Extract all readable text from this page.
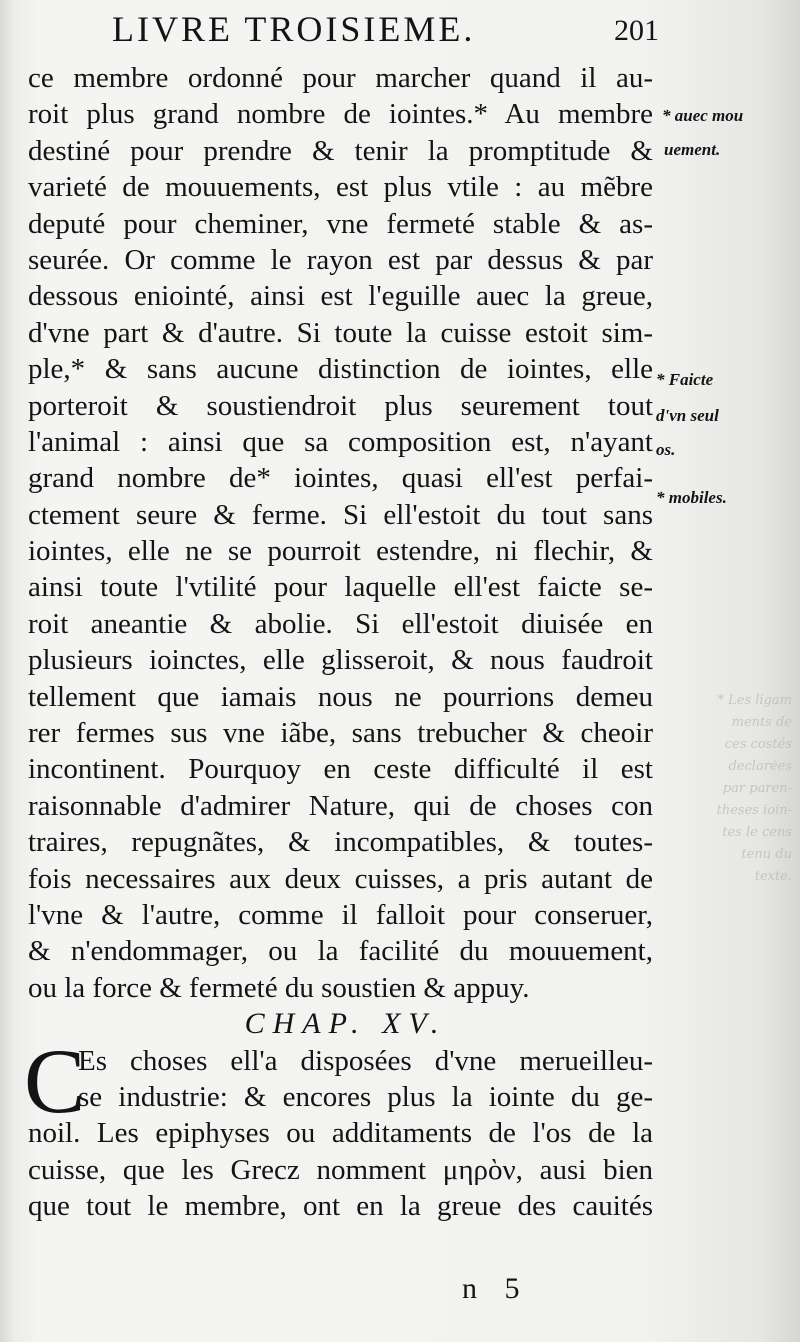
* Les ligam
ments de
ces costés
declarées
par paren-
theses ioin-
tes le cens
tenu du
texte.
LIVRE TROISIEME.	201
ce membre ordonné pour marcher quand il au-
roit plus grand nombre de iointes.* Au membre
destiné pour prendre & tenir la promptitude &
varieté de mouuements, est plus vtile : au mẽbre
deputé pour cheminer, vne fermeté stable & as-
seurée. Or comme le rayon est par dessus & par
dessous eniointé, ainsi est l'eguille auec la greue,
d'vne part & d'autre. Si toute la cuisse estoit sim-
ple,* & sans aucune distinction de iointes, elle
porteroit & soustiendroit plus seurement tout
l'animal : ainsi que sa composition est, n'ayant
grand nombre de* iointes, quasi ell'est perfai-
ctement seure & ferme. Si ell'estoit du tout sans
iointes, elle ne se pourroit estendre, ni flechir, &
ainsi toute l'vtilité pour laquelle ell'est faicte se-
roit aneantie & abolie. Si ell'estoit diuisée en
plusieurs ioinctes, elle glisseroit, & nous faudroit
tellement que iamais nous ne pourrions demeu
rer fermes sus vne iãbe, sans trebucher & cheoir
incontinent. Pourquoy en ceste difficulté il est
raisonnable d'admirer Nature, qui de choses con
traires, repugnãtes, & incompatibles, & toutes-
fois necessaires aux deux cuisses, a pris autant de
l'vne & l'autre, comme il falloit pour conseruer,
& n'endommager, ou la facilité du mouuement,
ou la force & fermeté du soustien & appuy.
CHAP. XV.
C
Es choses ell'a disposées d'vne merueilleu-
se industrie: & encores plus la iointe du ge-
noil. Les epiphyses ou additaments de l'os de la
cuisse, que les Grecz nomment μηρὸν, ausi bien
que tout le membre, ont en la greue des cauités
* auec mou
uement.
* Faicte
d'vn seul
os.
* mobiles.
n 5
